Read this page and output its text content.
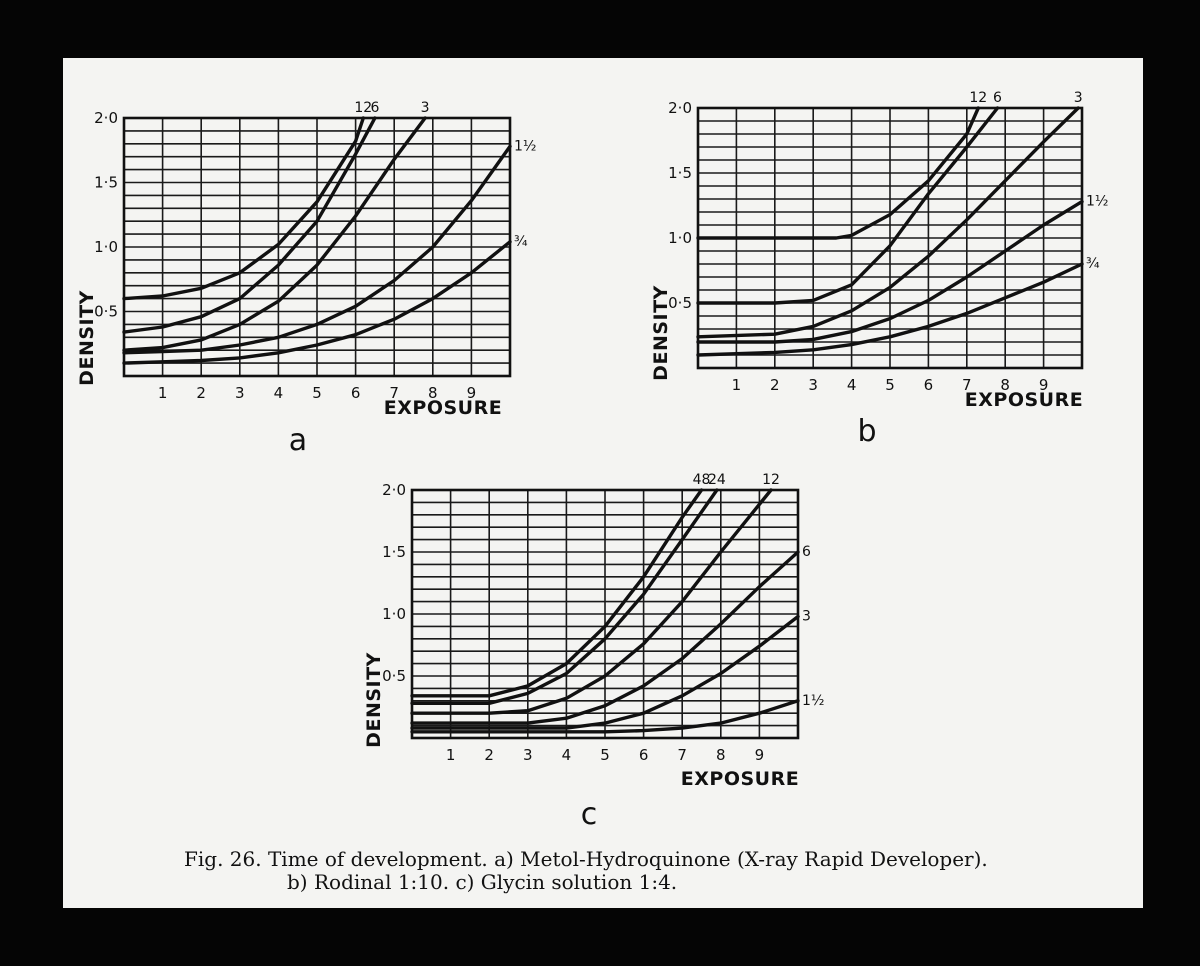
1 2 3 4 5 6 7 8 9
0·5
1·0
1·5
2·0
EXPOSURE
DENSITY
a
12
6	3
1½
¾
1 2 3 4 5 6 7 8 9
0·5
1·0
1·5
2·0
EXPOSURE
DENSITY
b
12 6	3
1½
¾
1 2 3 4 5 6 7 8 9
0·5
1·0
1·5
2·0
EXPOSURE
DENSITY
c
48
24	12
6
3
1½
Fig. 26. Time of development. a) Metol-Hydroquinone (X-ray Rapid Developer).
b) Rodinal 1:10. c) Glycin solution 1:4.
